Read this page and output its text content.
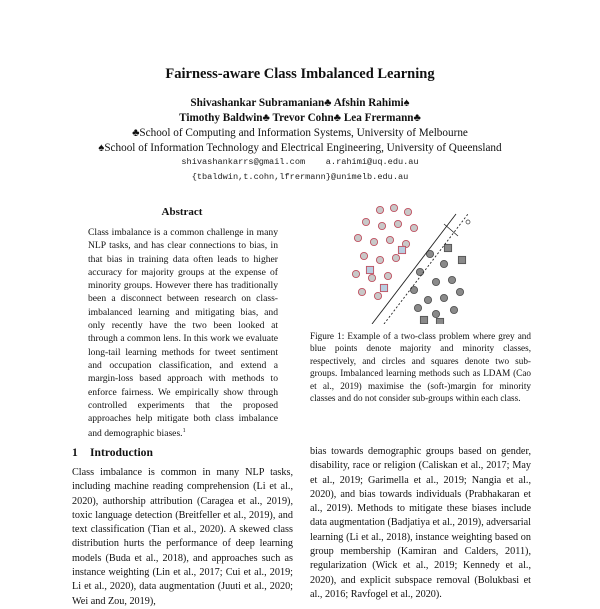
Fairness-aware Class Imbalanced Learning
Shivashankar Subramanian♣ Afshin Rahimi♠
Timothy Baldwin♣ Trevor Cohn♣ Lea Frermann♣
♣School of Computing and Information Systems, University of Melbourne
♠School of Information Technology and Electrical Engineering, University of Queensland
shivashankarrs@gmail.com    a.rahimi@uq.edu.au
{tbaldwin,t.cohn,lfrermann}@unimelb.edu.au
Abstract
Class imbalance is a common challenge in many NLP tasks, and has clear connections to bias, in that bias in training data often leads to higher accuracy for majority groups at the expense of minority groups. However there has traditionally been a disconnect between research on class-imbalanced learning and mitigating bias, and only recently have the two been looked at through a common lens. In this work we evaluate long-tail learning methods for tweet sentiment and occupation classification, and extend a margin-loss based approach with methods to enforce fairness. We empirically show through controlled experiments that the proposed approaches help mitigate both class imbalance and demographic biases.$^1$
Figure 1: Example of a two-class problem where grey and blue points denote majority and minority classes, respectively, and circles and squares denote two sub-groups. Imbalanced learning methods such as LDAM (Cao et al., 2019) maximise the (soft-)margin for minority classes and do not consider sub-groups within each class.
1 Introduction
Class imbalance is common in many NLP tasks, including machine reading comprehension (Li et al., 2020), authorship attribution (Caragea et al., 2019), toxic language detection (Breitfeller et al., 2019), and text classification (Tian et al., 2020). A skewed class distribution hurts the performance of deep learning models (Buda et al., 2018), and approaches such as instance weighting (Lin et al., 2017; Cui et al., 2019; Li et al., 2020), data augmentation (Juuti et al., 2020; Wei and Zou, 2019),
bias towards demographic groups based on gender, disability, race or religion (Caliskan et al., 2017; May et al., 2019; Garimella et al., 2019; Nangia et al., 2020), and bias towards individuals (Prabhakaran et al., 2019). Methods to mitigate these biases include data augmentation (Badjatiya et al., 2019), adversarial learning (Li et al., 2018), instance weighting based on group membership (Kamiran and Calders, 2011), regularization (Wick et al., 2019; Kennedy et al., 2020), and explicit subspace removal (Bolukbasi et al., 2016; Ravfogel et al., 2020).
